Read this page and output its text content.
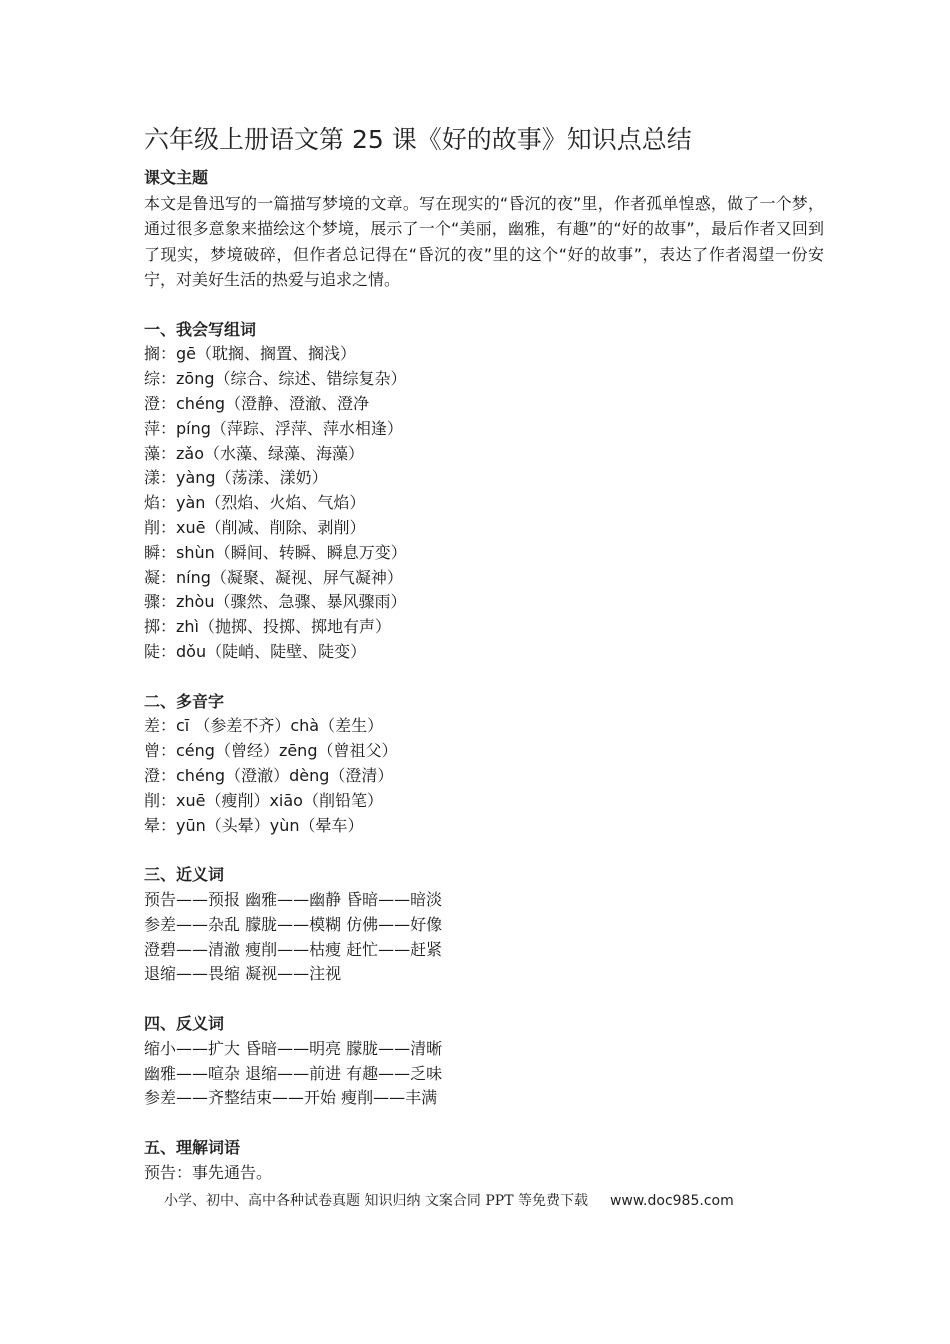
六年级上册语文第 25 课《好的故事》知识点总结

课文主题

本文是鲁迅写的一篇描写梦境的文章。写在现实的“昏沉的夜”里，作者孤单惶惑，做了一个梦，通过很多意象来描绘这个梦境，展示了一个“美丽，幽雅，有趣”的“好的故事”，最后作者又回到了现实，梦境破碎，但作者总记得在“昏沉的夜”里的这个“好的故事”，表达了作者渴望一份安宁，对美好生活的热爱与追求之情。

一、我会写组词

搁：gē（耽搁、搁置、搁浅）

综：zōng（综合、综述、错综复杂）

澄：chéng（澄静、澄澈、澄净

萍：píng（萍踪、浮萍、萍水相逢）

藻：zǎo（水藻、绿藻、海藻）

漾：yàng（荡漾、漾奶）

焰：yàn（烈焰、火焰、气焰）

削：xuē（削减、削除、剥削）

瞬：shùn（瞬间、转瞬、瞬息万变）

凝：níng（凝聚、凝视、屏气凝神）

骤：zhòu（骤然、急骤、暴风骤雨）

掷：zhì（抛掷、投掷、掷地有声）

陡：dǒu（陡峭、陡壁、陡变）

二、多音字

差：cī （参差不齐）chà（差生）

曾：céng（曾经）zēng（曾祖父）

澄：chéng（澄澈）dèng（澄清）

削：xuē（瘦削）xiāo（削铅笔）

晕：yūn（头晕）yùn（晕车）

三、近义词

预告——预报 幽雅——幽静 昏暗——暗淡

参差——杂乱 朦胧——模糊 仿佛——好像

澄碧——清澈 瘦削——枯瘦 赶忙——赶紧

退缩——畏缩 凝视——注视

四、反义词

缩小——扩大 昏暗——明亮 朦胧——清晰

幽雅——喧杂 退缩——前进 有趣——乏味

参差——齐整结束——开始 瘦削——丰满

五、理解词语

预告：事先通告。

小学、初中、高中各种试卷真题 知识归纳 文案合同 PPT 等免费下载 www.doc985.com
